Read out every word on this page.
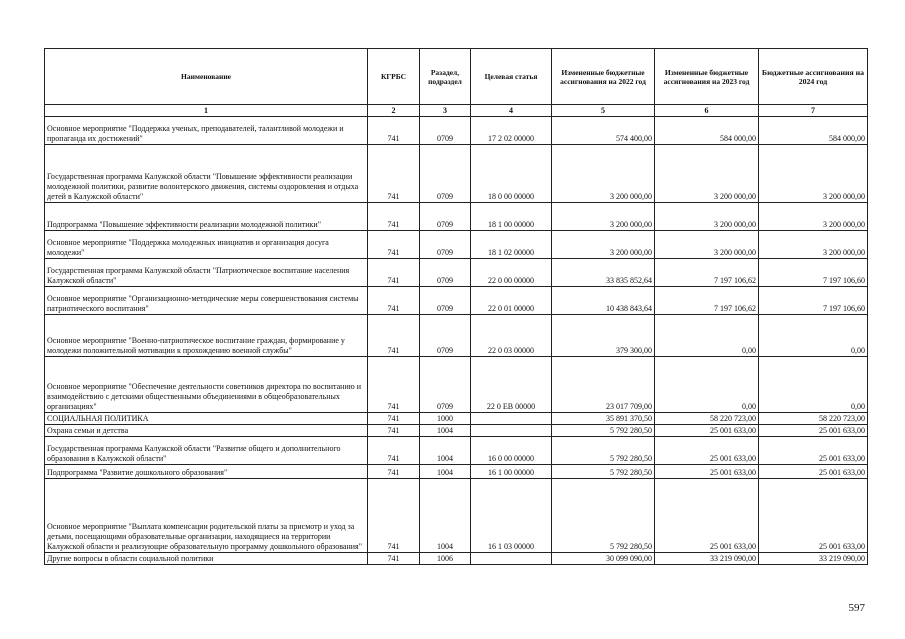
Наименование	КГРБС	Разадел, подраздел	Целевая статья	Измененные бюджетные ассигнования на 2022 год	Измененные бюджетные ассигнования на 2023 год	Бюджетные ассигнования на 2024 год
1	2	3	4	5	6	7
Основное мероприятие "Поддержка ученых, преподавателей, талантливой молодежи и пропаганда их достижений"	741	0709	17 2 02 00000	574 400,00	584 000,00	584 000,00
Государственная программа Калужской области "Повышение эффективности реализации молодежной политики, развитие волонтерского движения, системы оздоровления и отдыха детей в Калужской области"	741	0709	18 0 00 00000	3 200 000,00	3 200 000,00	3 200 000,00
Подпрограмма "Повышение эффективности реализации молодежной политики"	741	0709	18 1 00 00000	3 200 000,00	3 200 000,00	3 200 000,00
Основное мероприятие "Поддержка молодежных инициатив и организация досуга молодежи"	741	0709	18 1 02 00000	3 200 000,00	3 200 000,00	3 200 000,00
Государственная программа Калужской области "Патриотическое воспитание населения Калужской области"	741	0709	22 0 00 00000	33 835 852,64	7 197 106,62	7 197 106,60
Основное мероприятие "Организационно-методические меры совершенствования системы патриотического воспитания"	741	0709	22 0 01 00000	10 438 843,64	7 197 106,62	7 197 106,60
Основное мероприятие "Военно-патриотическое воспитание граждан, формирование у молодежи положительной мотивации к прохождению военной службы"	741	0709	22 0 03 00000	379 300,00	0,00	0,00
Основное мероприятие "Обеспечение деятельности советников директора по воспитанию и взаимодействию с детскими общественными объединениями в общеобразовательных организациях"	741	0709	22 0 ЕВ 00000	23 017 709,00	0,00	0,00
СОЦИАЛЬНАЯ ПОЛИТИКА	741	1000		35 891 370,50	58 220 723,00	58 220 723,00
Охрана семьи и детства	741	1004		5 792 280,50	25 001 633,00	25 001 633,00
Государственная программа Калужской области "Развитие общего и дополнительного образования в Калужской области"	741	1004	16 0 00 00000	5 792 280,50	25 001 633,00	25 001 633,00
Подпрограмма "Развитие дошкольного образования"	741	1004	16 1 00 00000	5 792 280,50	25 001 633,00	25 001 633,00
Основное мероприятие "Выплата компенсации родительской платы за присмотр и уход за детьми, посещающими образовательные организации, находящиеся на территории Калужской области и реализующие образовательную программу дошкольного образования"	741	1004	16 1 03 00000	5 792 280,50	25 001 633,00	25 001 633,00
Другие вопросы в области социальной политики	741	1006		30 099 090,00	33 219 090,00	33 219 090,00
597
